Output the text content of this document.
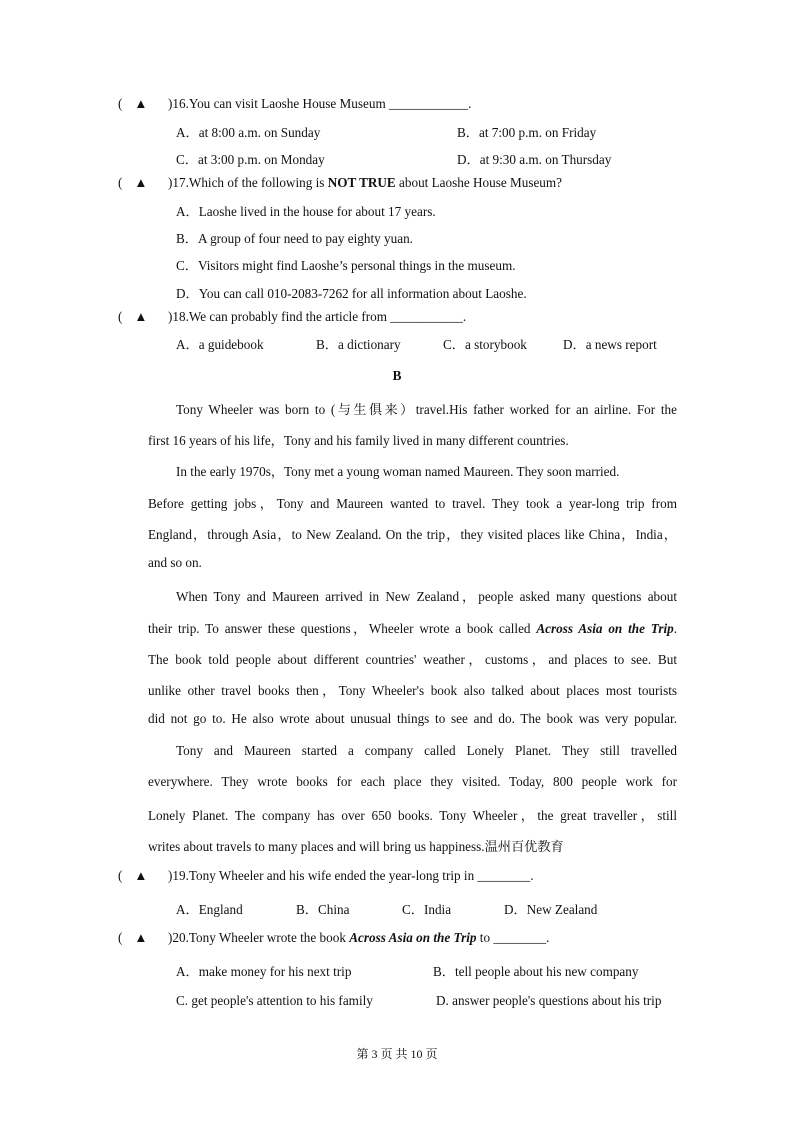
( ▲ )16.You can visit Laoshe House Museum ____________.
A．at 8:00 a.m. on Sunday	B．at 7:00 p.m. on Friday
C．at 3:00 p.m. on Monday	D．at 9:30 a.m. on Thursday
( ▲ )17.Which of the following is NOT TRUE about Laoshe House Museum?
A．Laoshe lived in the house for about 17 years.
B．A group of four need to pay eighty yuan.
C．Visitors might find Laoshe’s personal things in the museum.
D．You can call 010-2083-7262 for all information about Laoshe.
( ▲ )18.We can probably find the article from ___________.
A．a guidebook	B．a dictionary	C．a storybook	D．a news report
B
Tony Wheeler was born to (与生俱来）travel.His father worked for an airline. For the
first 16 years of his life，Tony and his family lived in many different countries.
In the early 1970s，Tony met a young woman named Maureen. They soon married.
Before getting jobs，Tony and Maureen wanted to travel. They took a year-long trip from
England，through Asia，to New Zealand. On the trip，they visited places like China，India，
and so on.
When Tony and Maureen arrived in New Zealand，people asked many questions about
their trip. To answer these questions，Wheeler wrote a book called Across Asia on the Trip.
The book told people about different countries' weather，customs，and places to see. But
unlike other travel books then，Tony Wheeler's book also talked about places most tourists
did not go to. He also wrote about unusual things to see and do. The book was very popular.
Tony and Maureen started a company called Lonely Planet. They still travelled
everywhere. They wrote books for each place they visited. Today, 800 people work for
Lonely Planet. The company has over 650 books. Tony Wheeler，the great traveller，still
writes about travels to many places and will bring us happiness.温州百优教育
( ▲ )19.Tony Wheeler and his wife ended the year-long trip in ________.
A．England	B．China	C．India	D．New Zealand
( ▲ )20.Tony Wheeler wrote the book Across Asia on the Trip to ________.
A．make money for his next trip	B．tell people about his new company
C. get people's attention to his family	D. answer people's questions about his trip
第 3 页 共 10 页
